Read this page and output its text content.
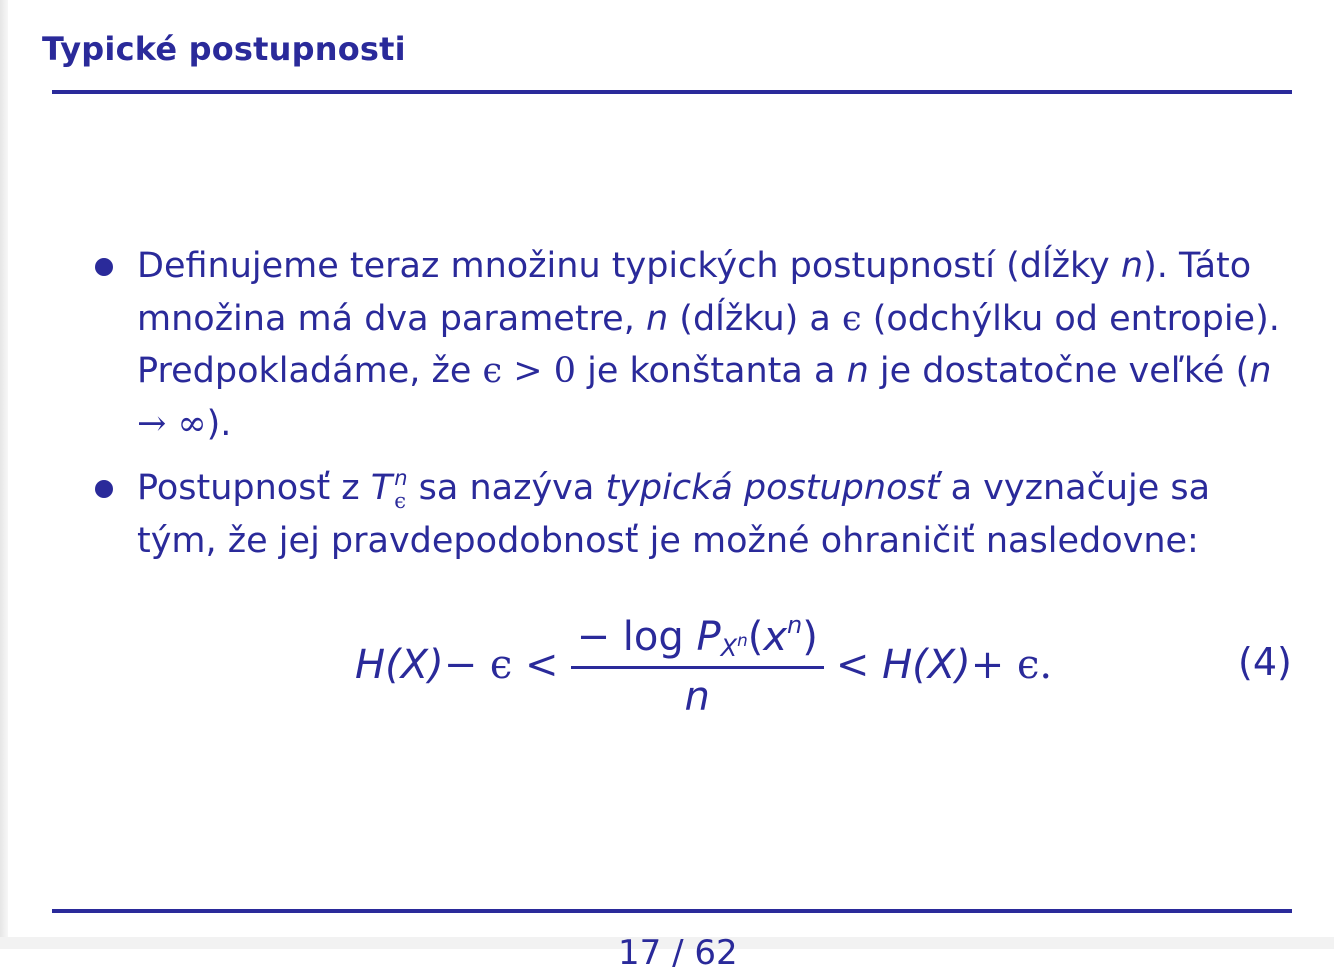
Typické postupnosti
Definujeme teraz množinu typických postupností (dĺžky n). Táto množina má dva parametre, n (dĺžku) a ϵ (odchýlku od entropie). Predpokladáme, že ϵ > 0 je konštanta a n je dostatočne veľké (n → ∞).
Postupnosť z T n
ϵ sa nazýva typická postupnosť a vyznačuje sa tým, že jej pravdepodobnosť je možné ohraničiť nasledovne:
H $(X) - \epsilon < \frac{- \log PX^n(x^n)}{n}$ <
H (X) + ϵ.	(4)
17 / 62
